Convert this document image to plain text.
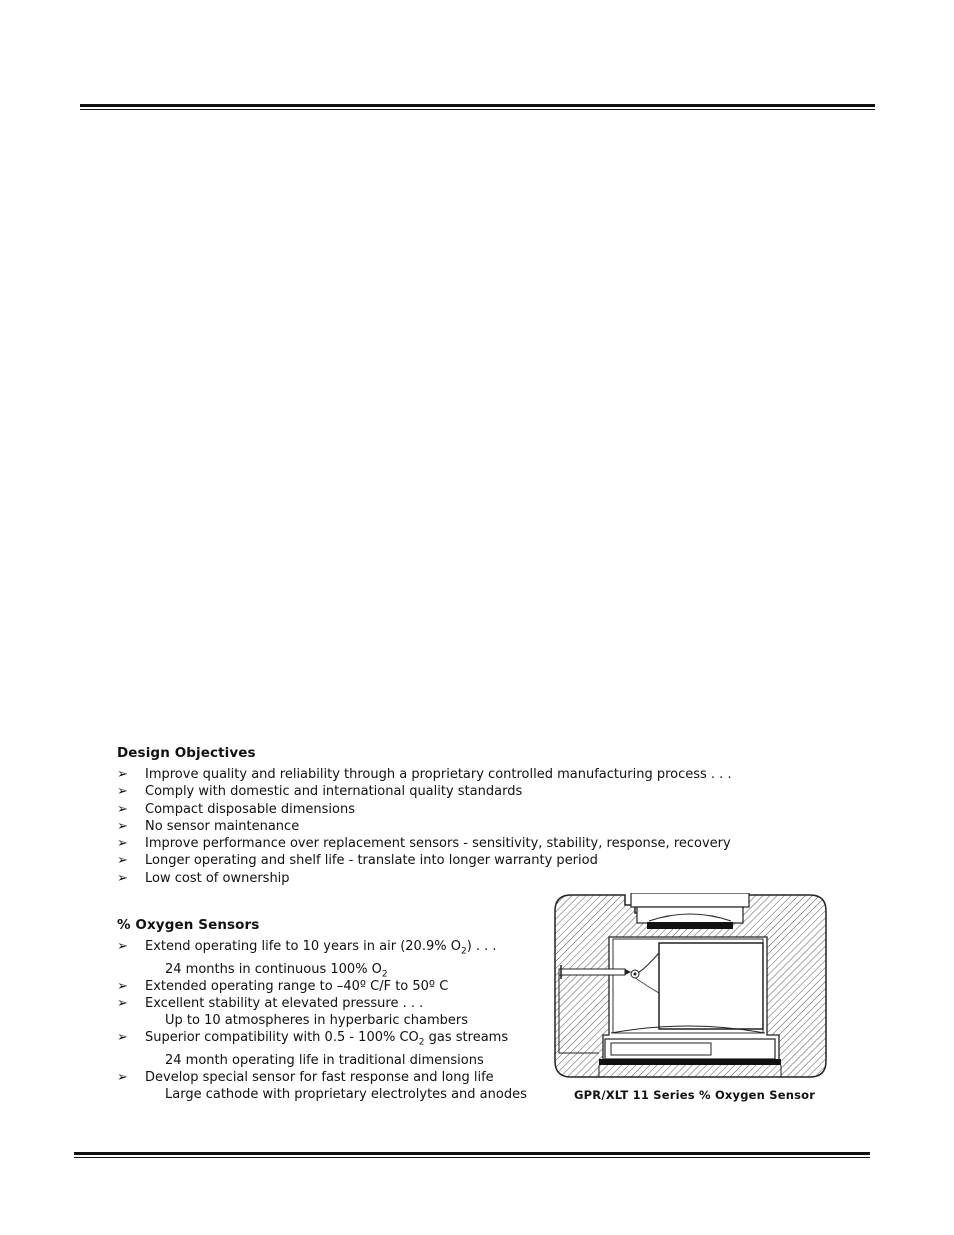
Design Objectives
➢ Improve quality and reliability through a proprietary controlled manufacturing process . . .
➢ Comply with domestic and international quality standards
➢ Compact disposable dimensions
➢ No sensor maintenance
➢ Improve performance over replacement sensors - sensitivity, stability, response, recovery
➢ Longer operating and shelf life - translate into longer warranty period
➢ Low cost of ownership
% Oxygen Sensors
➢ Extend operating life to 10 years in air (20.9% $O_2$) . . .
24 months in continuous 100% $O_2$
➢ Extended operating range to –40º C/F to 50º C
➢ Excellent stability at elevated pressure . . .
Up to 10 atmospheres in hyperbaric chambers
➢ Superior compatibility with 0.5 - 100% $CO_2$ gas streams
24 month operating life in traditional dimensions
➢ Develop special sensor for fast response and long life
Large cathode with proprietary electrolytes and anodes	GPR/XLT 11 Series % Oxygen Sensor
